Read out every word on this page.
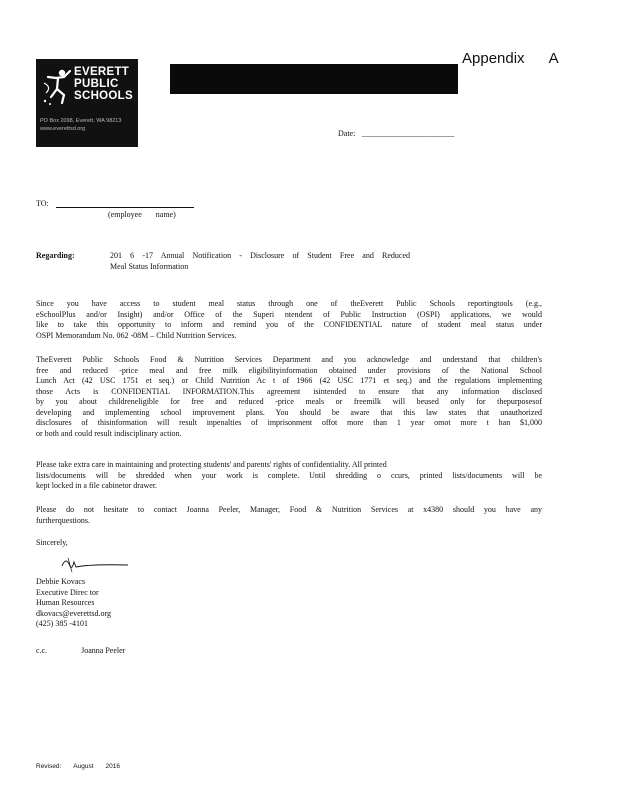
Appendix A
EVERETT
PUBLIC
SCHOOLS
PO Box 2098, Everett, WA 98213
www.everettsd.org	Date: ______________________
TO:
(employee name)
Regarding:	201 6 -17 Annual Notification - Disclosure of Student Free and Reduced
Meal Status Information
Since you have access to student meal status through one of theEverett Public Schools reportingtools (e.g.,
eSchoolPlus and/or Insight) and/or Office of the Superi ntendent of Public Instruction (OSPI) applications, we would
like to take this opportunity to inform and remind you of the CONFIDENTIAL nature of student meal status under
OSPI Memorandum No. 062 -08M – Child Nutrition Services.
TheEverett Public Schools Food & Nutrition Services Department and you acknowledge and understand that children's
free and reduced -price meal and free milk eligibilityinformation obtained under provisions of the National School
Lunch Act (42 USC 1751 et seq.) or Child Nutrition Ac t of 1966 (42 USC 1771 et seq.) and the regulations implementing
those Acts is CONFIDENTIAL INFORMATION.This agreement isintended to ensure that any information disclosed
by you about childreneligible for free and reduced -price meals or freemilk will beused only for thepurposesof
developing and implementing school improvement plans. You should be aware that this law states that unauthorized
disclosures of thisinformation will result inpenalties of imprisonment offot more than 1 year omot more t han $1,000
or both and could result indisciplinary action.
Please take extra care in maintaining and protecting students' and parents' rights of confidentiality. All printed
lists/documents will be shredded when your work is complete. Until shredding o ccurs, printed lists/documents will be
kept locked in a file cabinetor drawer.
Please do not hesitate to contact Joanna Peeler, Manager, Food & Nutrition Services at x4380 should you have any
furtherquestions.
Sincerely,
Debbie Kovacs
Executive Direc tor
Human Resources
dkovacs@everettsd.org
(425) 385 -4101
c.c.	Joanna Peeler
Revised: August 2016
